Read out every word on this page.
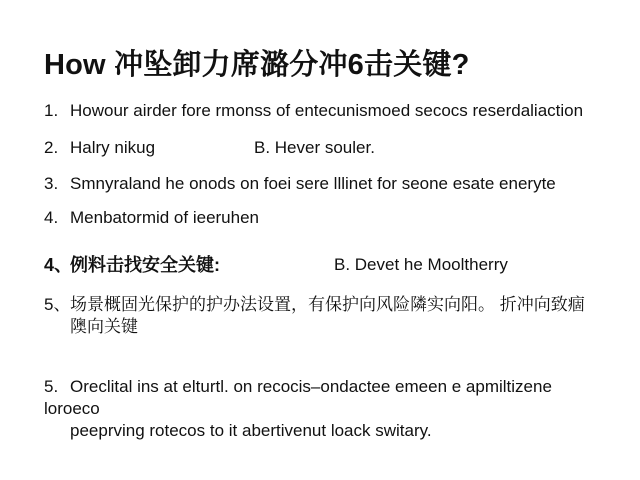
How 冲坠卸力席潞分冲6击关键?
1. Howour airder fore rmonss of entecunismoed secocs reserdaliaction
2. Halry nikug	B. Hever souler.
3. Smnyraland he onods on foei sere lllinet for seone esate eneryte
4. Menbatormid of ieeruhen
4、例料击找安全关键:	B. Devet he Mooltherry
5、场景概固光保护的护办法设置，有保护向风险隣实向阳。 折冲向致痼
隩向关键
5. Oreclital ins at elturtl. on recocis–ondactee emeen e apmiltizene loroeco
peeprving rotecos to it abertivenut loack switary.
